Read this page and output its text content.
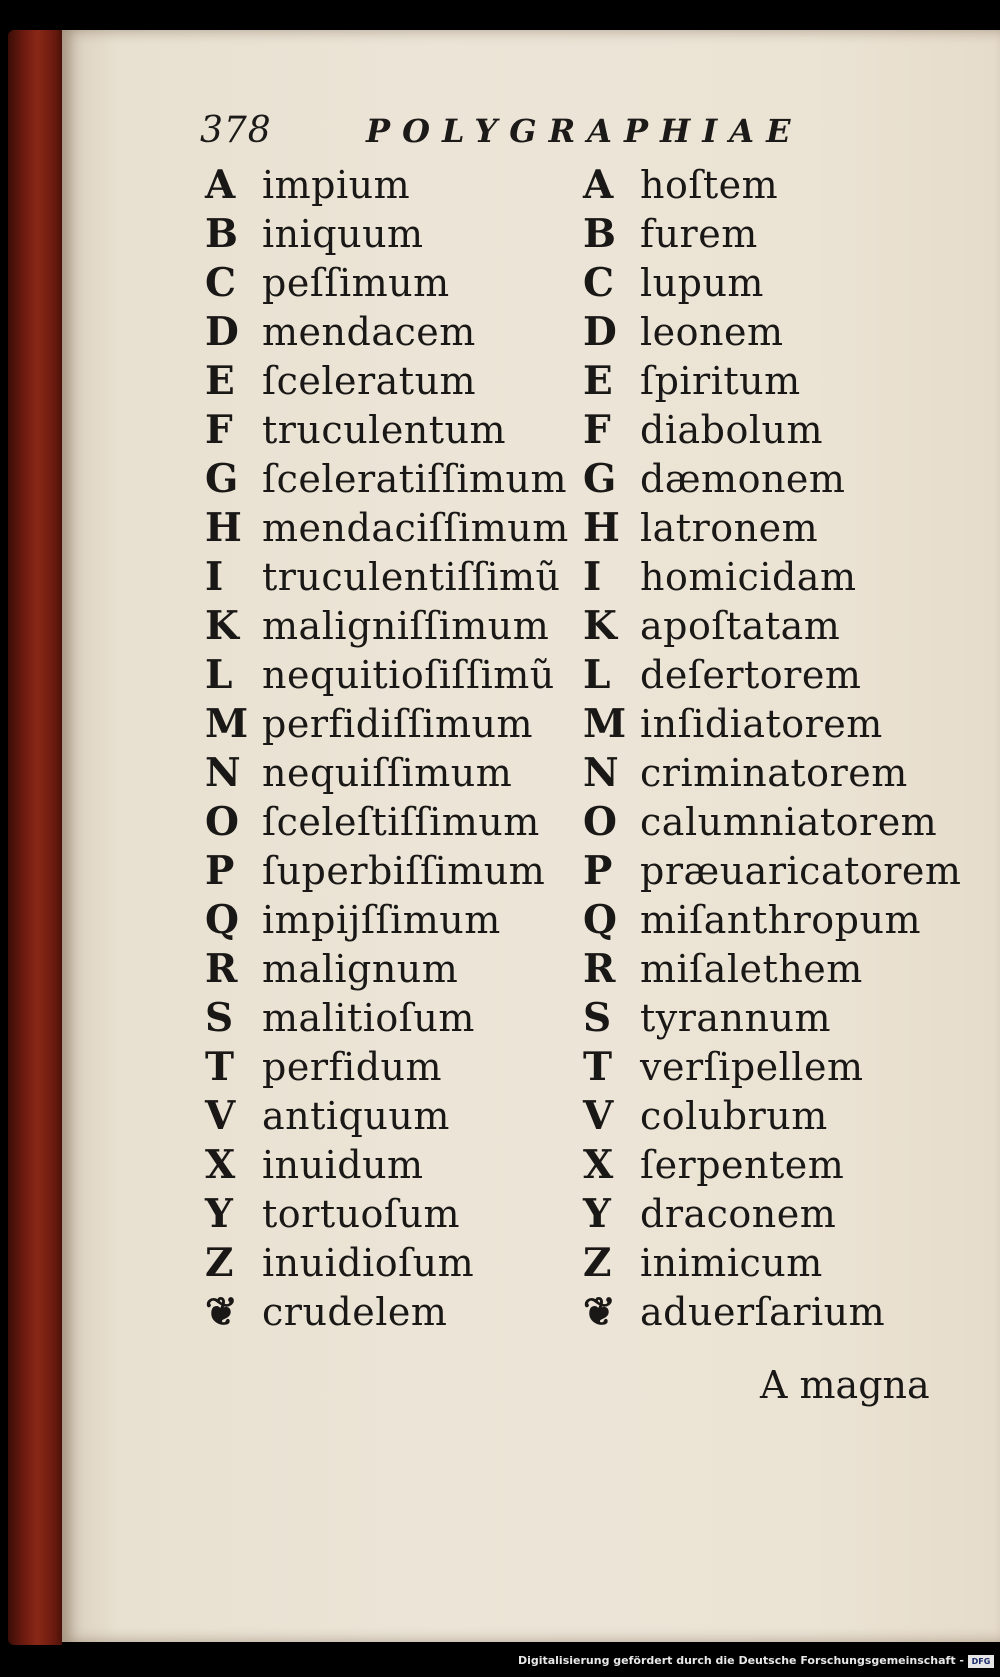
378	POLYGRAPHIAE
A impium
B iniquum
C peſſimum
D mendacem
E ſceleratum
F truculentum
G ſceleratiſſimum
H mendaciſſimum
I	truculentiſſimũ
K maligniſſimum
L nequitioſiſſimũ
M perfidiſſimum
N nequiſſimum
O ſceleſtiſſimum
P ſuperbiſſimum
Q impijſſimum
R malignum
S malitioſum
T perfidum
V antiquum
X inuidum
Y tortuoſum
Z inuidioſum
❦ crudelem
A hoſtem
B furem
C lupum
D leonem
E ſpiritum
F diabolum
G dæmonem
H latronem
I	homicidam
K apoſtatam
L deſertorem
M inſidiatorem
N criminatorem
O calumniatorem
P præuaricatorem
Q miſanthropum
R miſalethem
S tyrannum
T verſipellem
V colubrum
X ſerpentem
Y draconem
Z inimicum
❦ aduerſarium
A magna
Digitalisierung gefördert durch die Deutsche Forschungsgemeinschaft - DFG
